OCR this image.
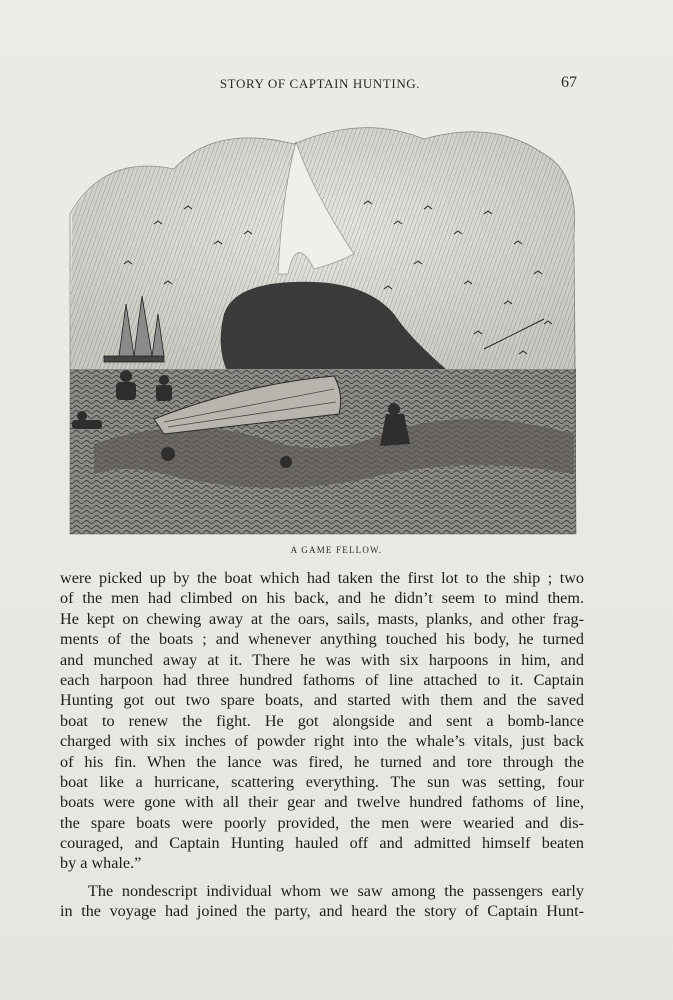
STORY OF CAPTAIN HUNTING.	67
A GAME FELLOW.
were picked up by the boat which had taken the first lot to the ship ; two
of the men had climbed on his back, and he didn’t seem to mind them.
He kept on chewing away at the oars, sails, masts, planks, and other frag-
ments of the boats ; and whenever anything touched his body, he turned
and munched away at it. There he was with six harpoons in him, and
each harpoon had three hundred fathoms of line attached to it. Captain
Hunting got out two spare boats, and started with them and the saved
boat to renew the fight. He got alongside and sent a bomb-lance
charged with six inches of powder right into the whale’s vitals, just back
of his fin. When the lance was fired, he turned and tore through the
boat like a hurricane, scattering everything. The sun was setting, four
boats were gone with all their gear and twelve hundred fathoms of line,
the spare boats were poorly provided, the men were wearied and dis-
couraged, and Captain Hunting hauled off and admitted himself beaten
by a whale.”
The nondescript individual whom we saw among the passengers early
in the voyage had joined the party, and heard the story of Captain Hunt-
